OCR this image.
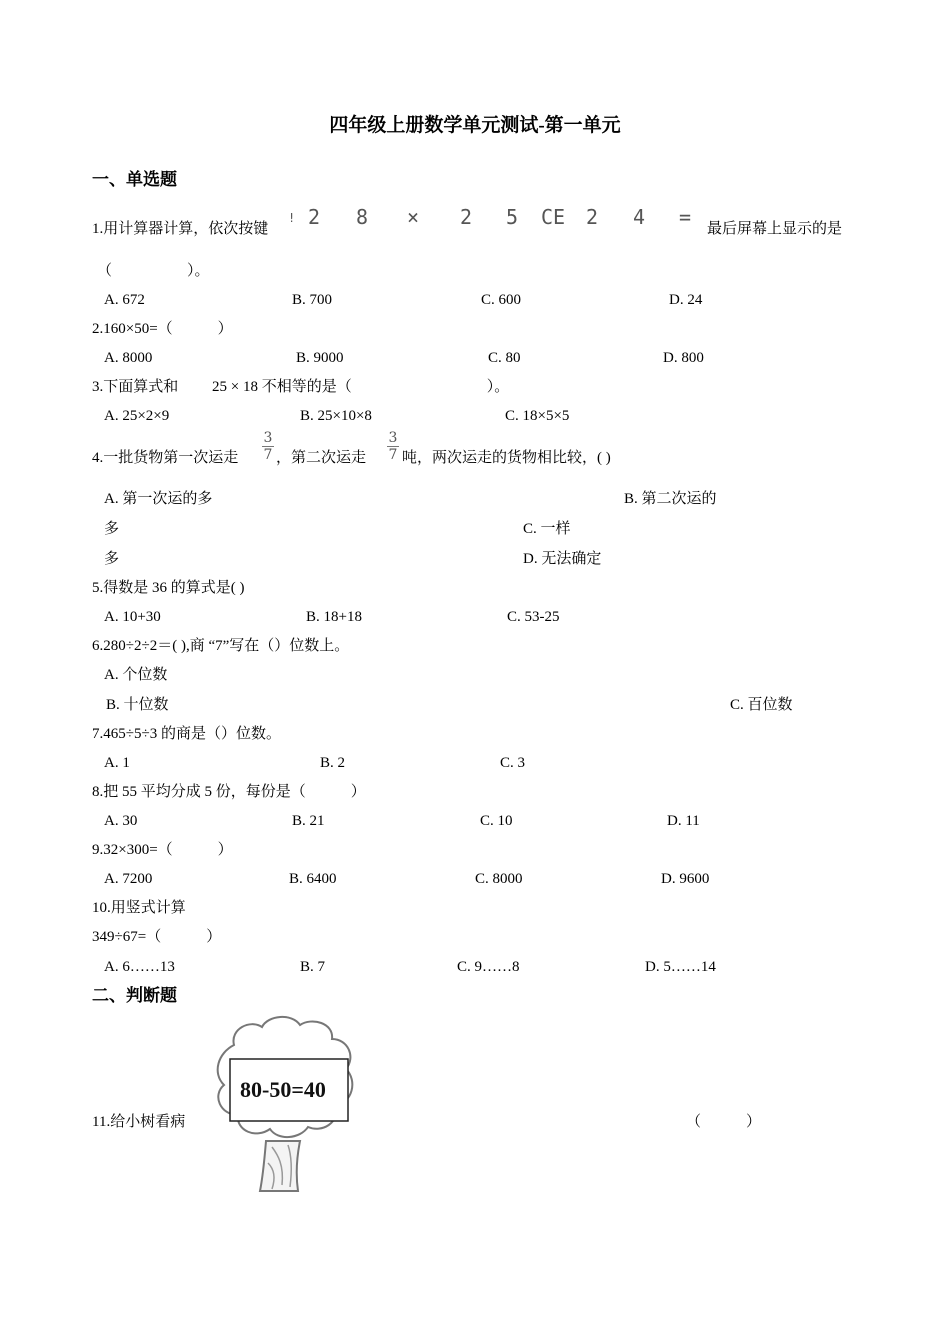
四年级上册数学单元测试-第一单元
一、单选题
1.用计算器计算，依次按键
! 2 8 × 2 5 CE 2 4 = 最后屏幕上显示的是
（　　　　　）。
A. 672	B. 700	C. 600	D. 24
2.160×50=（　　　）
A. 8000	B. 9000	C. 80	D. 800
3.下面算式和 25 × 18 不相等的是（　　　　　　　　　）。
A. 25×2×9	B. 25×10×8	C. 18×5×5
4.一批货物第一次运走
3
7 ，第二次运走
3
7 吨，两次运走的货物相比较，( )
A. 第一次运的多	B. 第二次运的
多	C. 一样
多	D. 无法确定
5.得数是 36 的算式是( )
A. 10+30	B. 18+18	C. 53-25
6.280÷2÷2＝( ),商 “7”写在（）位数上。
A. 个位数
B. 十位数	C. 百位数
7.465÷5÷3 的商是（）位数。
A. 1	B. 2	C. 3
8.把 55 平均分成 5 份，每份是（　　　）
A. 30	B. 21	C. 10	D. 11
9.32×300=（　　　）
A. 7200	B. 6400	C. 8000	D. 9600
10.用竖式计算
349÷67=（　　　）
A. 6……13	B. 7	C. 9……8	D. 5……14
二、判断题
11.给小树看病
80-50=40
（　　　）
